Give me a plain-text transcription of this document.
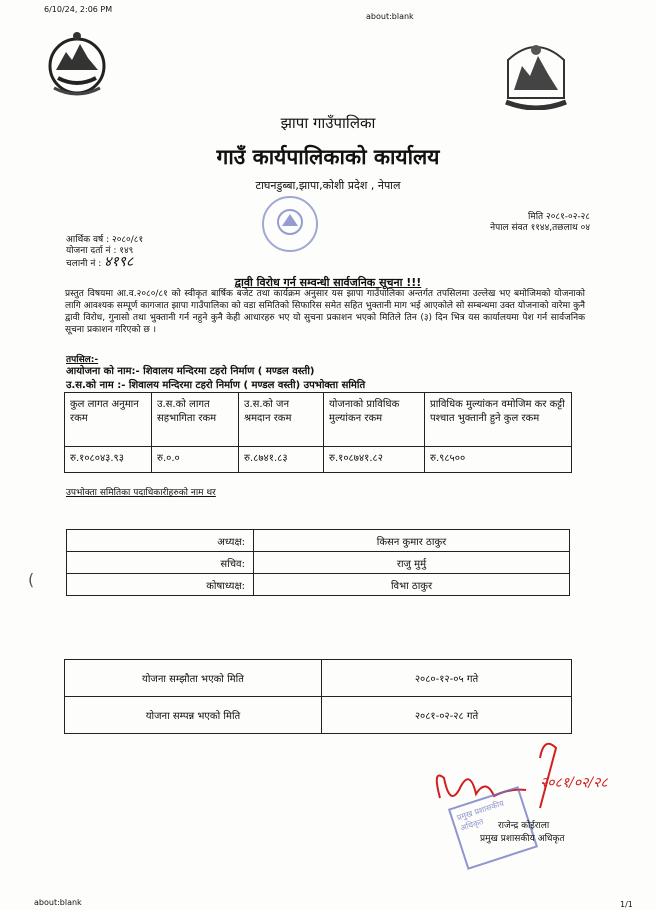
6/10/24, 2:06 PM
about:blank
झापा गाउँपालिका
गाउँ कार्यपालिकाको कार्यालय
टाघनडुब्बा,झापा,कोशी प्रदेश , नेपाल
मिति २०८१-०२-२८
नेपाल संवत ११४४,तछलाथ ०४
आर्थिक वर्ष : २०८०/८१
योजना दर्ता नं : १४९
चलानी नं : ४१९८
द्वावी विरोध गर्न सम्वन्धी सार्वजनिक सूचना !!!
प्रस्तुत विषयमा आ.व.२०८०/८१ को स्वीकृत बार्षिक बजेट तथा कार्यक्रम अनुसार यस झापा गाउँपालिका अन्तर्गत तपसिलमा उल्लेख भए बमोजिमको योजनाको लागि आवश्यक सम्पूर्ण कागजात झापा गाउँपालिका को वडा समितिको सिफारिस समेत सहित भुक्तानी माग भई आएकोले सो सम्बन्धमा उक्त योजनाको वारेमा कुनै द्वावी विरोध, गुनासो तथा भुक्तानी गर्न नहुने कुनै केही आधारहरु भए यो सुचना प्रकाशन भएको मितिले तिन (३) दिन भित्र यस कार्यालयमा पेश गर्न सार्वजनिक सूचना प्रकाशन गरिएको छ ।
तपसिल:-
आयोजना को नाम:- शिवालय मन्दिरमा टहरो निर्माण ( मण्डल वस्ती)
उ.स.को नाम :- शिवालय मन्दिरमा टहरो निर्माण ( मण्डल वस्ती) उपभोक्ता समिति
कुल लागत अनुमान रकम	उ.स.को लागत सहभागिता रकम	उ.स.को जन श्रमदान रकम	योजनाको प्राविधिक मुल्यांकन रकम	प्राविधिक मुल्यांकन वमोजिम कर कट्टी पश्चात भुक्तानी हुने कुल रकम
रु.१०८०४३.९३	रु.०.०	रु.८७४१.८३	रु.१०८७४१.८२	रु.९८५००
उपभोक्ता समितिका पदाधिकारीहरुको नाम थर
अध्यक्ष:	किसन कुमार ठाकुर
सचिव:	राजु मुर्मु
कोषाध्यक्ष:	विभा ठाकुर
(
योजना सम्झौता भएको मिति	२०८०-१२-०५ गते
योजना सम्पन्न भएको मिति	२०८१-०२-२८ गते
२०८१/०२/२८
प्रमुख प्रशासकीय अधिकृत	राजेन्द्र कोईराला
प्रमुख प्रशासकीय अधिकृत
about:blank	1/1
